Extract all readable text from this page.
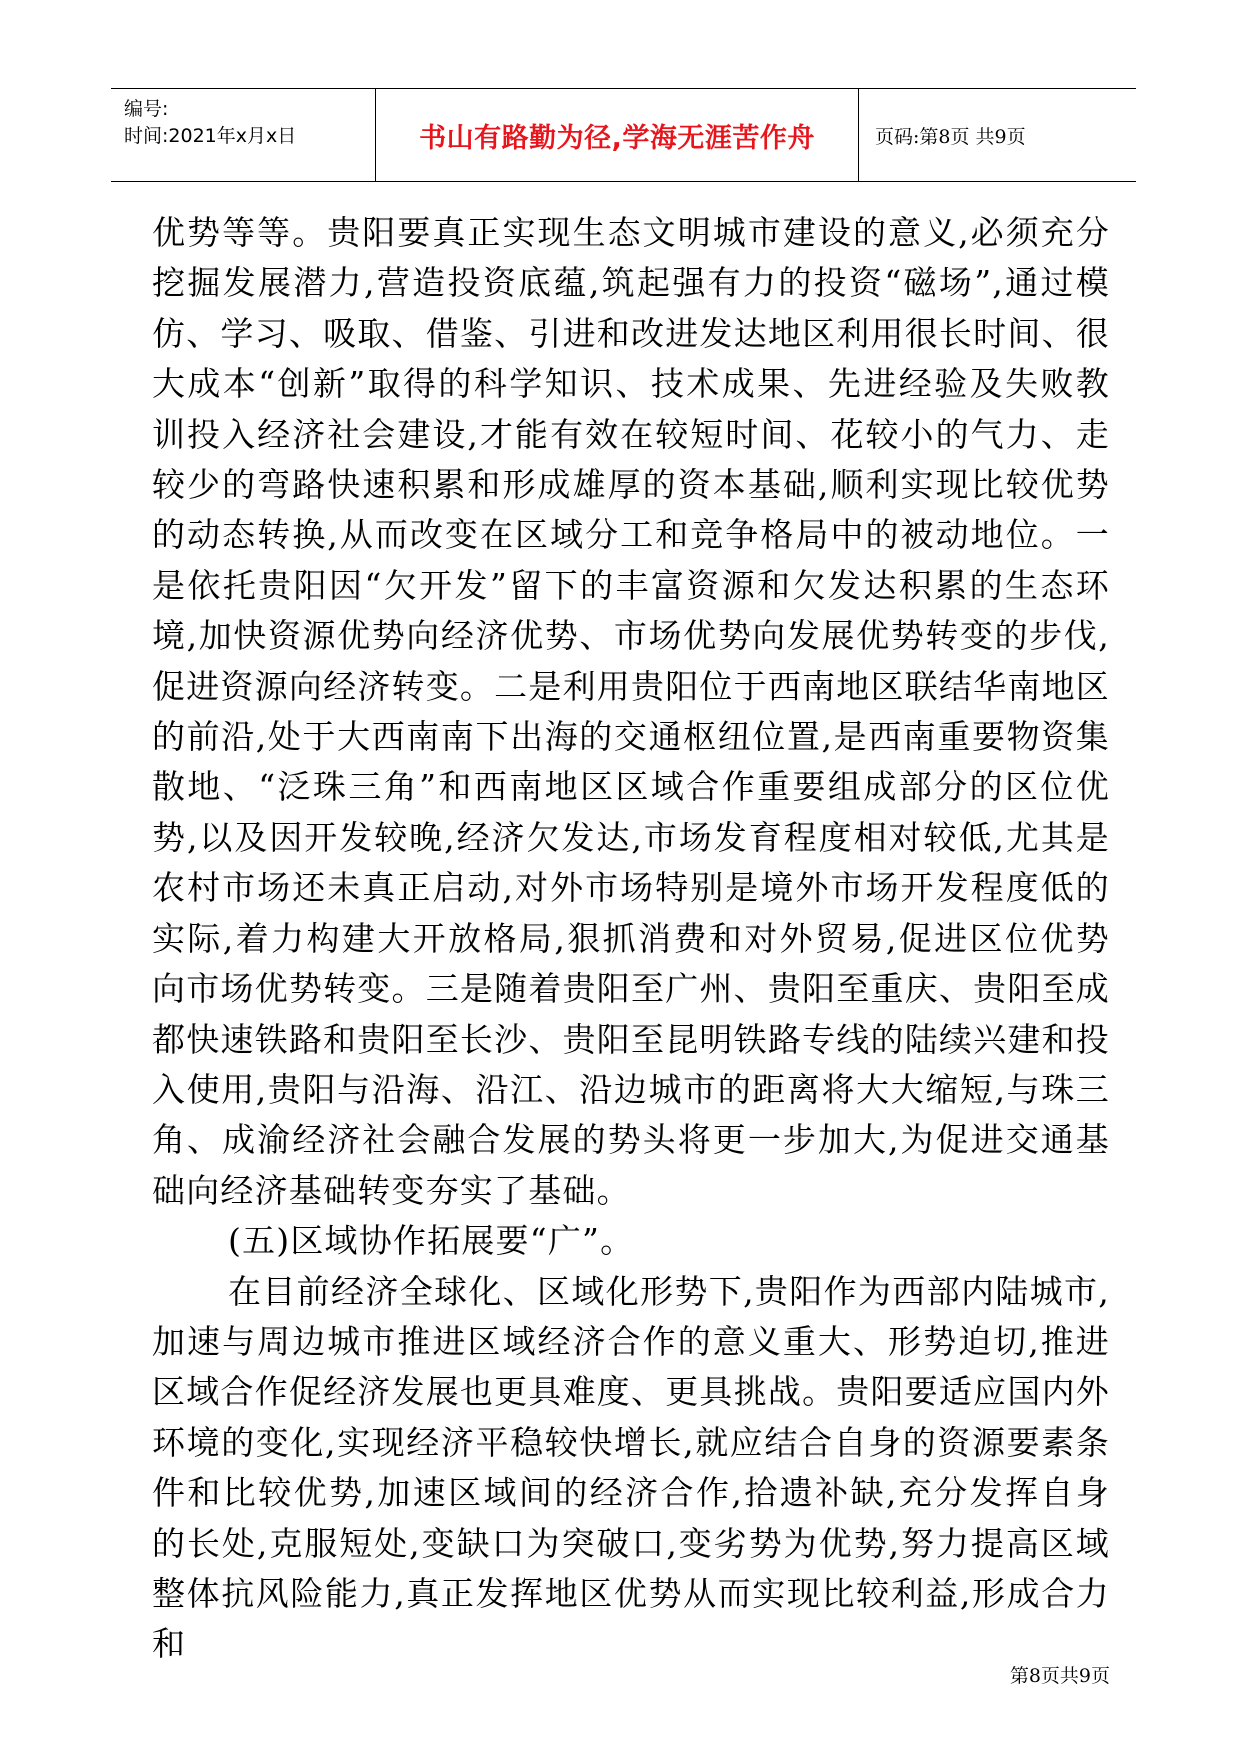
编号:
时间:2021年x月x日	书山有路勤为径,学海无涯苦作舟	页码:第8页 共9页

优势等等。贵阳要真正实现生态文明城市建设的意义,必须充分挖掘发展潜力,营造投资底蕴,筑起强有力的投资“磁场”,通过模仿、学习、吸取、借鉴、引进和改进发达地区利用很长时间、很大成本“创新”取得的科学知识、技术成果、先进经验及失败教训投入经济社会建设,才能有效在较短时间、花较小的气力、走较少的弯路快速积累和形成雄厚的资本基础,顺利实现比较优势的动态转换,从而改变在区域分工和竞争格局中的被动地位。一是依托贵阳因“欠开发”留下的丰富资源和欠发达积累的生态环境,加快资源优势向经济优势、市场优势向发展优势转变的步伐,促进资源向经济转变。二是利用贵阳位于西南地区联结华南地区的前沿,处于大西南南下出海的交通枢纽位置,是西南重要物资集散地、“泛珠三角”和西南地区区域合作重要组成部分的区位优势,以及因开发较晚,经济欠发达,市场发育程度相对较低,尤其是农村市场还未真正启动,对外市场特别是境外市场开发程度低的实际,着力构建大开放格局,狠抓消费和对外贸易,促进区位优势向市场优势转变。三是随着贵阳至广州、贵阳至重庆、贵阳至成都快速铁路和贵阳至长沙、贵阳至昆明铁路专线的陆续兴建和投入使用,贵阳与沿海、沿江、沿边城市的距离将大大缩短,与珠三角、成渝经济社会融合发展的势头将更一步加大,为促进交通基础向经济基础转变夯实了基础。

(五)区域协作拓展要“广”。

在目前经济全球化、区域化形势下,贵阳作为西部内陆城市,加速与周边城市推进区域经济合作的意义重大、形势迫切,推进区域合作促经济发展也更具难度、更具挑战。贵阳要适应国内外环境的变化,实现经济平稳较快增长,就应结合自身的资源要素条件和比较优势,加速区域间的经济合作,拾遗补缺,充分发挥自身的长处,克服短处,变缺口为突破口,变劣势为优势,努力提高区域整体抗风险能力,真正发挥地区优势从而实现比较利益,形成合力和

第8页共9页
